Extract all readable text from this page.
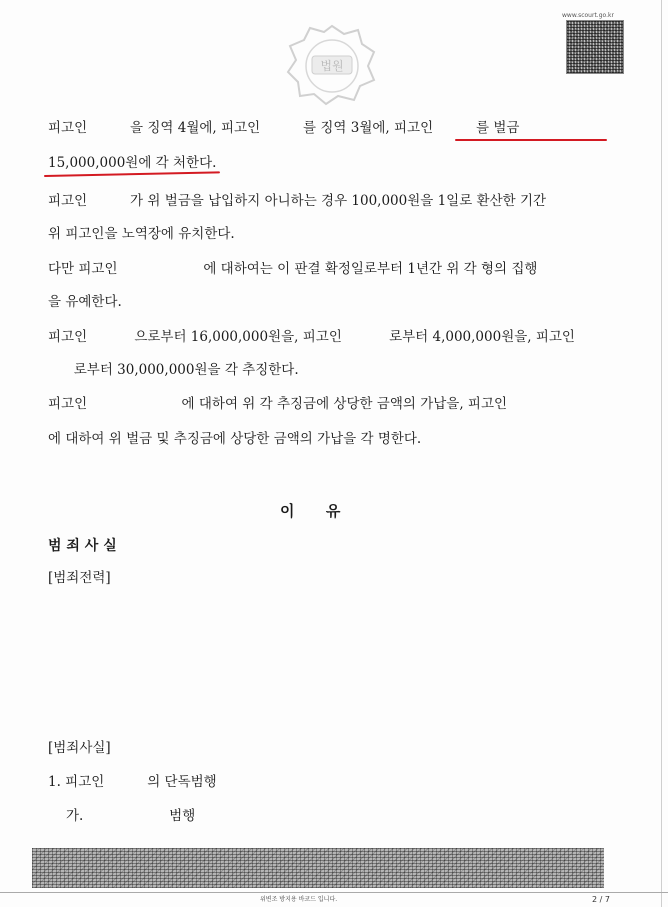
www.scourt.go.kr
법원
피고인          을 징역 4월에, 피고인          를 징역 3월에, 피고인          를 벌금
15,000,000원에 각 처한다.
피고인          가 위 벌금을 납입하지 아니하는 경우 100,000원을 1일로 환산한 기간
위 피고인을 노역장에 유치한다.
다만 피고인                    에 대하여는 이 판결 확정일로부터 1년간 위 각 형의 집행
을 유예한다.
피고인           으로부터 16,000,000원을, 피고인           로부터 4,000,000원을, 피고인
로부터 30,000,000원을 각 추징한다.
피고인                      에 대하여 위 각 추징금에 상당한 금액의 가납을, 피고인
에 대하여 위 벌금 및 추징금에 상당한 금액의 가납을 각 명한다.
이      유
범 죄 사 실
[범죄전력]
[범죄사실]
1. 피고인          의 단독범행
가.                    범행
위변조 방지용 바코드 입니다.	2 / 7
